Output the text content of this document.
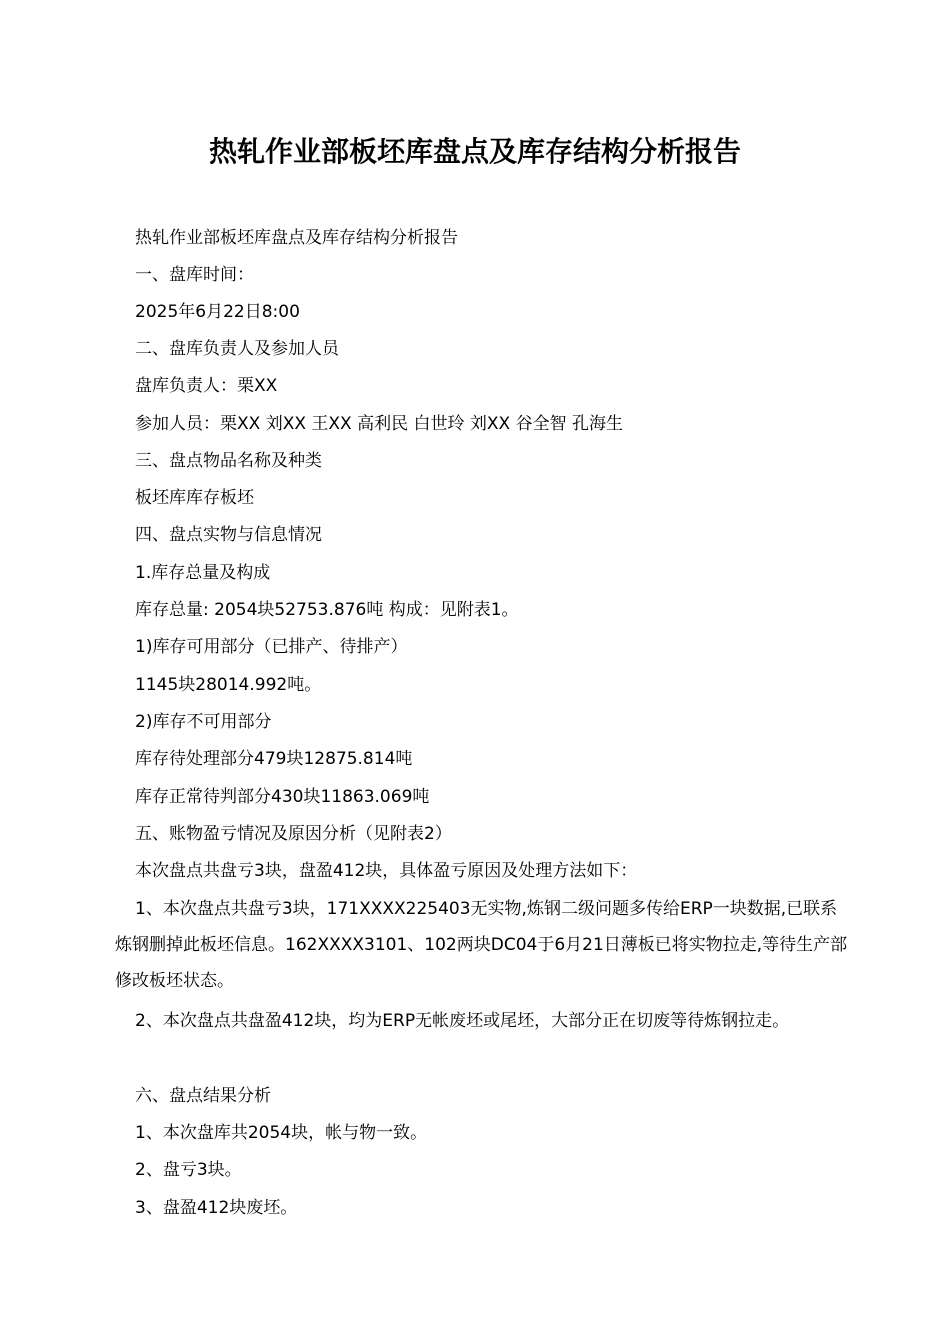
热轧作业部板坯库盘点及库存结构分析报告

热轧作业部板坯库盘点及库存结构分析报告

一、盘库时间：

2025年6月22日8:00

二、盘库负责人及参加人员

盘库负责人：栗XX

参加人员：栗XX 刘XX 王XX 高利民 白世玲 刘XX 谷全智 孔海生

三、盘点物品名称及种类

板坯库库存板坯

四、盘点实物与信息情况

1.库存总量及构成

库存总量: 2054块52753.876吨 构成：见附表1。

1)库存可用部分（已排产、待排产）

1145块28014.992吨。

2)库存不可用部分

库存待处理部分479块12875.814吨

库存正常待判部分430块11863.069吨

五、账物盈亏情况及原因分析（见附表2）

本次盘点共盘亏3块，盘盈412块，具体盈亏原因及处理方法如下：

1、本次盘点共盘亏3块，171XXXX225403无实物,炼钢二级问题多传给ERP一块数据,已联系炼钢删掉此板坯信息。162XXXX3101、102两块DC04于6月21日薄板已将实物拉走,等待生产部修改板坯状态。

2、本次盘点共盘盈412块，均为ERP无帐废坯或尾坯，大部分正在切废等待炼钢拉走。

六、盘点结果分析

1、本次盘库共2054块，帐与物一致。

2、盘亏3块。

3、盘盈412块废坯。
